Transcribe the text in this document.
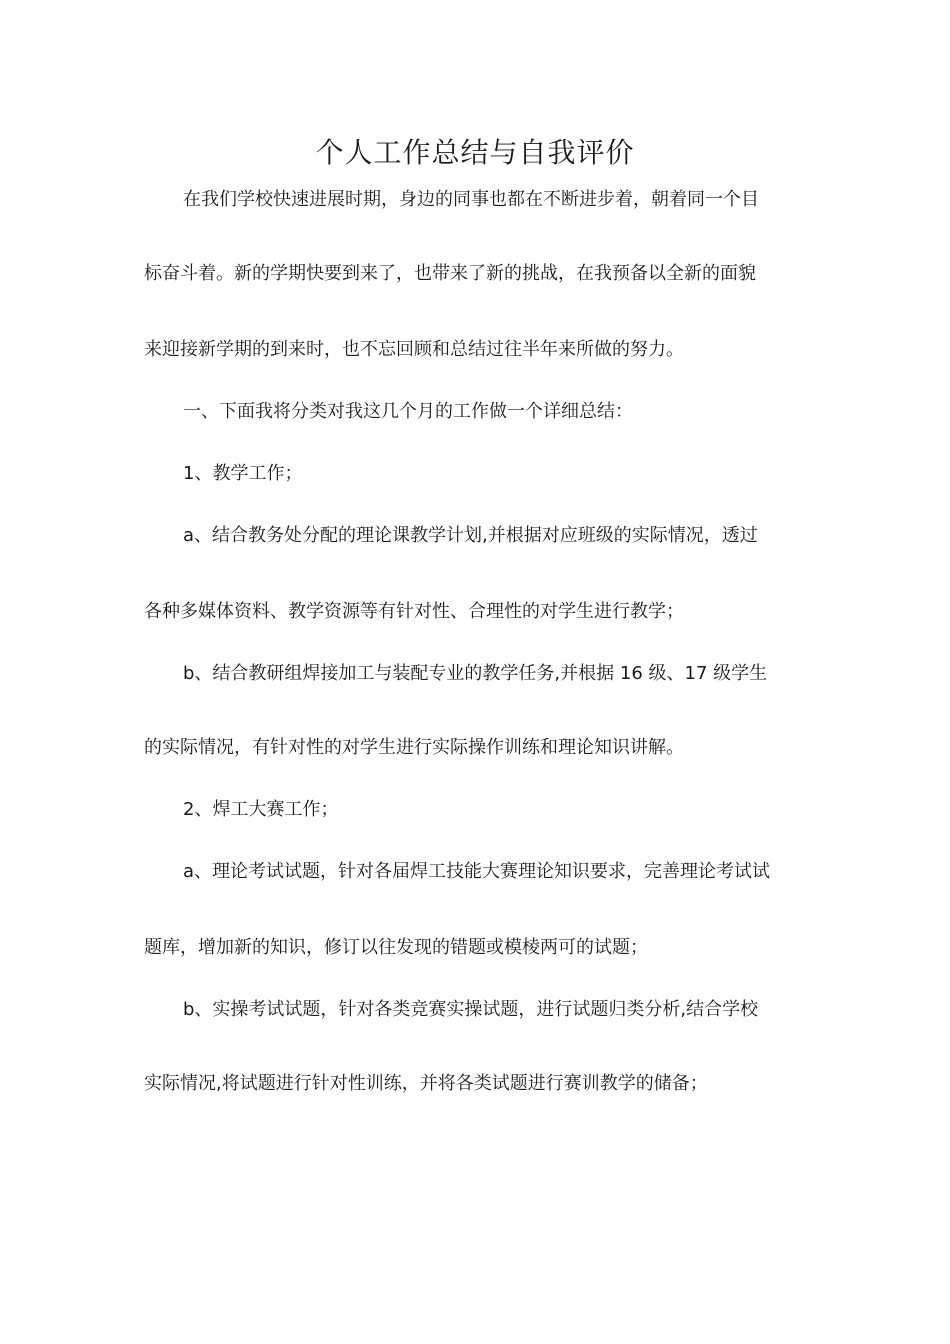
个人工作总结与自我评价
在我们学校快速进展时期，身边的同事也都在不断进步着，朝着同一个目
标奋斗着。新的学期快要到来了，也带来了新的挑战，在我预备以全新的面貌
来迎接新学期的到来时，也不忘回顾和总结过往半年来所做的努力。
一、下面我将分类对我这几个月的工作做一个详细总结：
1、教学工作；
a、结合教务处分配的理论课教学计划,并根据对应班级的实际情况，透过
各种多媒体资料、教学资源等有针对性、合理性的对学生进行教学；
b、结合教研组焊接加工与装配专业的教学任务,并根据 16 级、17 级学生
的实际情况，有针对性的对学生进行实际操作训练和理论知识讲解。
2、焊工大赛工作；
a、理论考试试题，针对各届焊工技能大赛理论知识要求，完善理论考试试
题库，增加新的知识，修订以往发现的错题或模棱两可的试题；
b、实操考试试题，针对各类竞赛实操试题，进行试题归类分析,结合学校
实际情况,将试题进行针对性训练，并将各类试题进行赛训教学的储备；
